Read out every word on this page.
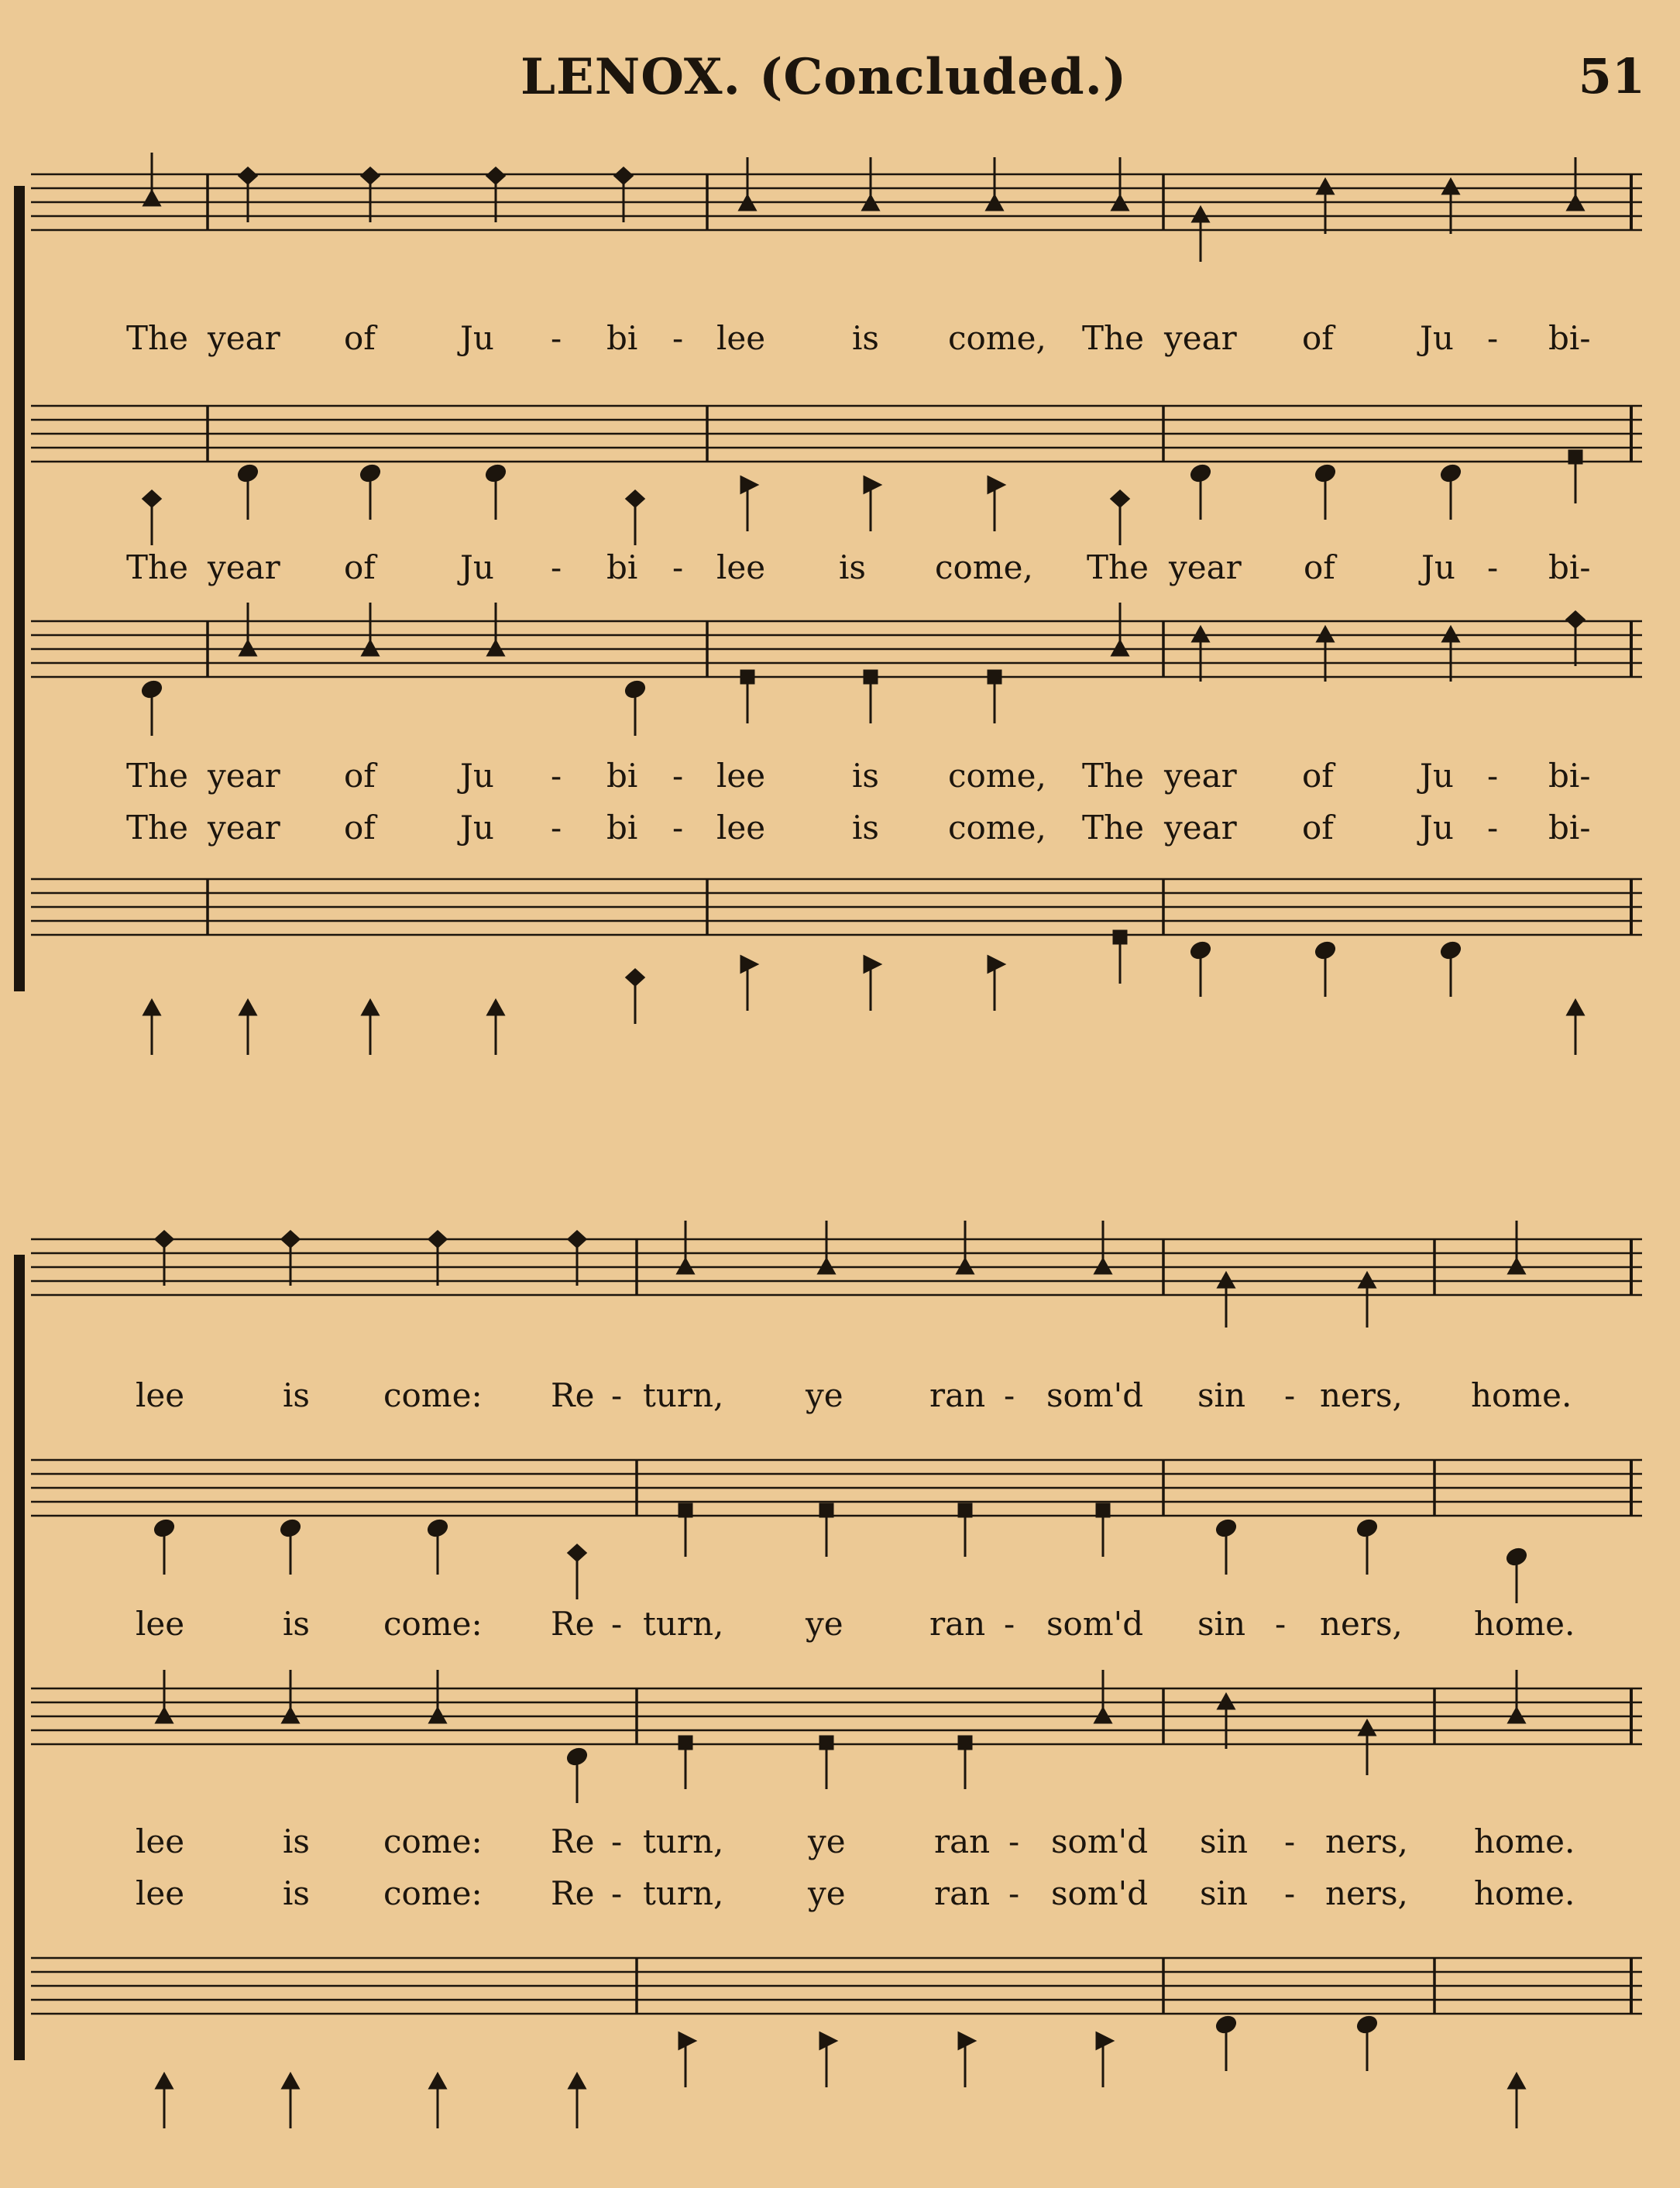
LENOX. (Concluded.)	51
The year of	Ju - bi - lee	is come, The year of	Ju - bi-
The year of	Ju - bi - lee is come, The year of	Ju - bi-
The year of	Ju - bi - lee	is come, The year of	Ju - bi-
The year of	Ju - bi - lee	is come, The year of	Ju - bi-
lee	is come: Re - turn,	ye	ran - som'd sin - ners, home.
lee	is come: Re - turn,	ye	ran - som'd sin - ners, home.
lee	is come: Re - turn,	ye	ran - som'd sin - ners, home.
lee	is come: Re - turn,	ye	ran - som'd sin - ners, home.
